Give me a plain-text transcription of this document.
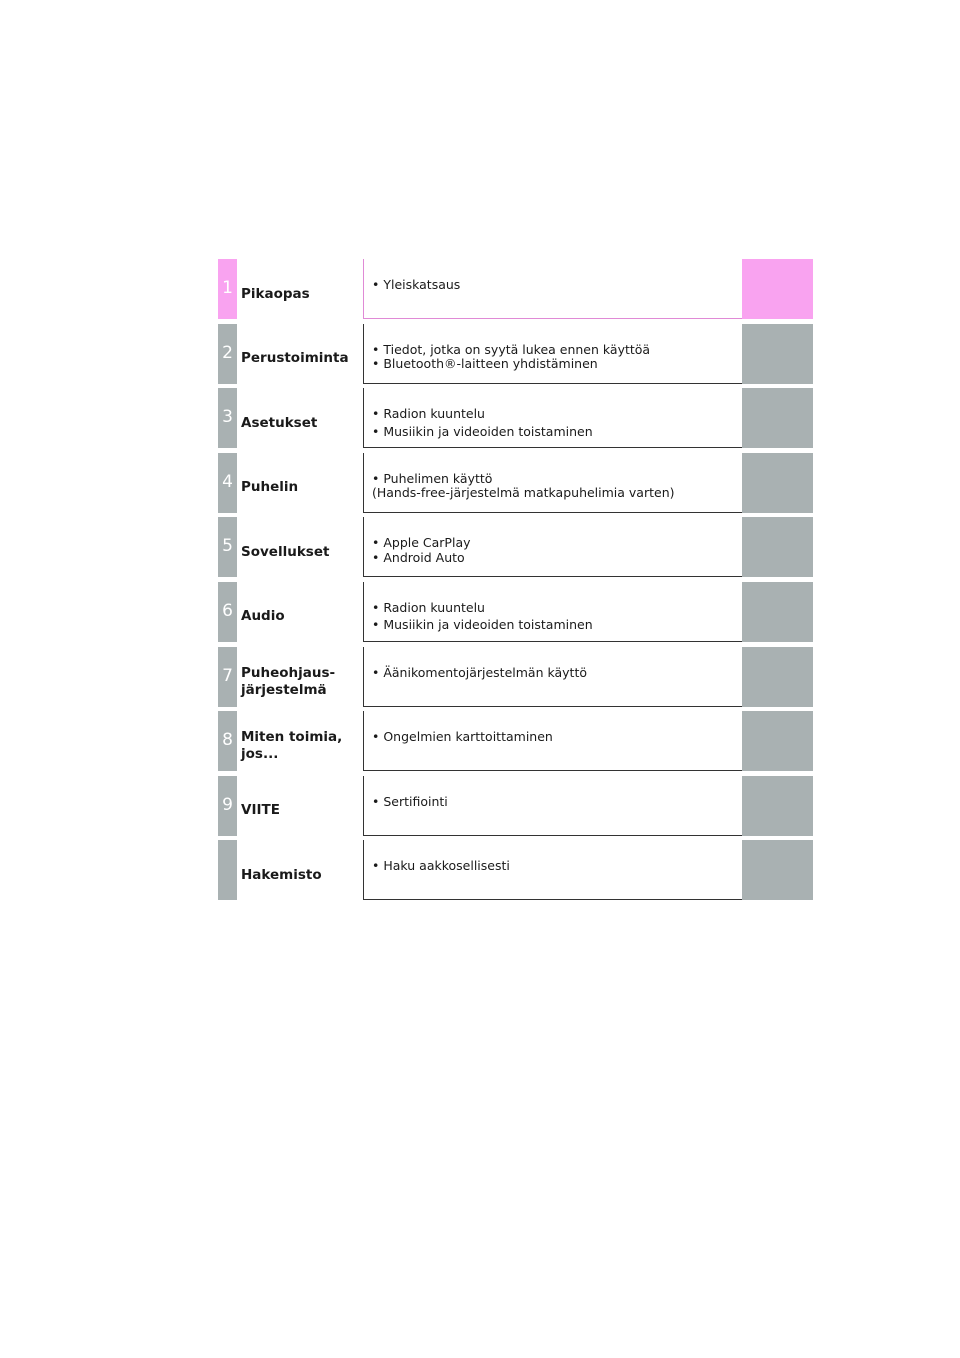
1 Pikaopas
• Yleiskatsaus
2 Perustoiminta
• Tiedot, jotka on syytä lukea ennen käyttöä
• Bluetooth®-laitteen yhdistäminen
3 Asetukset
• Radion kuuntelu
• Musiikin ja videoiden toistaminen
4 Puhelin
• Puhelimen käyttö
(Hands-free-järjestelmä matkapuhelimia varten)
5 Sovellukset
• Apple CarPlay
• Android Auto
6 Audio
• Radion kuuntelu
• Musiikin ja videoiden toistaminen
7 Puheohjaus-
järjestelmä
• Äänikomentojärjestelmän käyttö
8 Miten toimia,
jos...
• Ongelmien karttoittaminen
9 VIITE
• Sertifiointi
Hakemisto
• Haku aakkosellisesti
